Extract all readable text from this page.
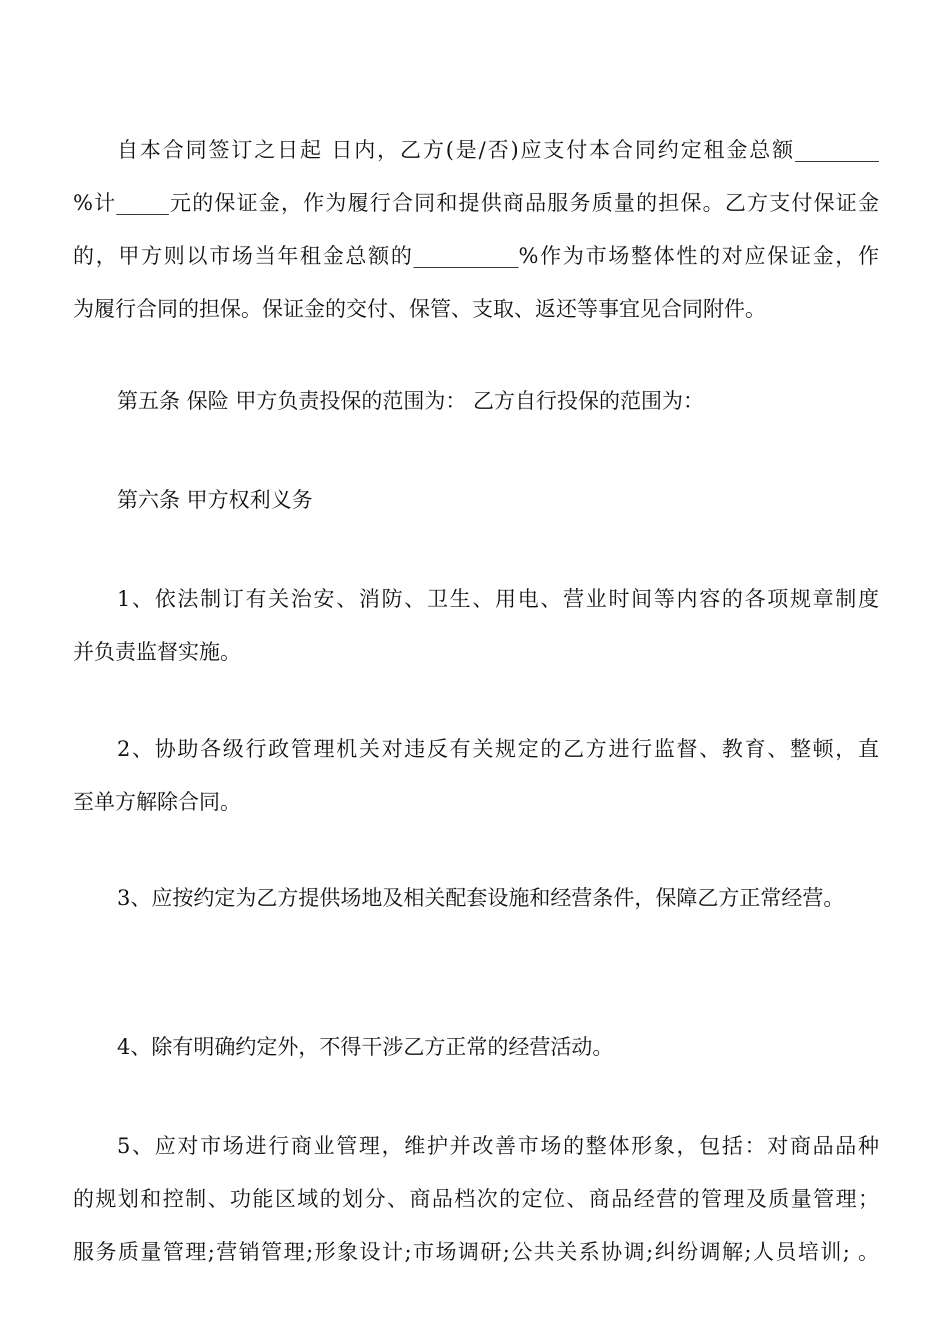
自本合同签订之日起 日内，乙方(是/否)应支付本合同约定租金总额________
%计_____元的保证金，作为履行合同和提供商品服务质量的担保。乙方支付保证金
的，甲方则以市场当年租金总额的__________%作为市场整体性的对应保证金，作
为履行合同的担保。保证金的交付、保管、支取、返还等事宜见合同附件。
第五条 保险 甲方负责投保的范围为： 乙方自行投保的范围为：
第六条 甲方权利义务
1、依法制订有关治安、消防、卫生、用电、营业时间等内容的各项规章制度
并负责监督实施。
2、协助各级行政管理机关对违反有关规定的乙方进行监督、教育、整顿，直
至单方解除合同。
3、应按约定为乙方提供场地及相关配套设施和经营条件，保障乙方正常经营。
4、除有明确约定外，不得干涉乙方正常的经营活动。
5、应对市场进行商业管理，维护并改善市场的整体形象，包括：对商品品种
的规划和控制、功能区域的划分、商品档次的定位、商品经营的管理及质量管理；
服务质量管理;营销管理;形象设计;市场调研;公共关系协调;纠纷调解;人员培训; 。
